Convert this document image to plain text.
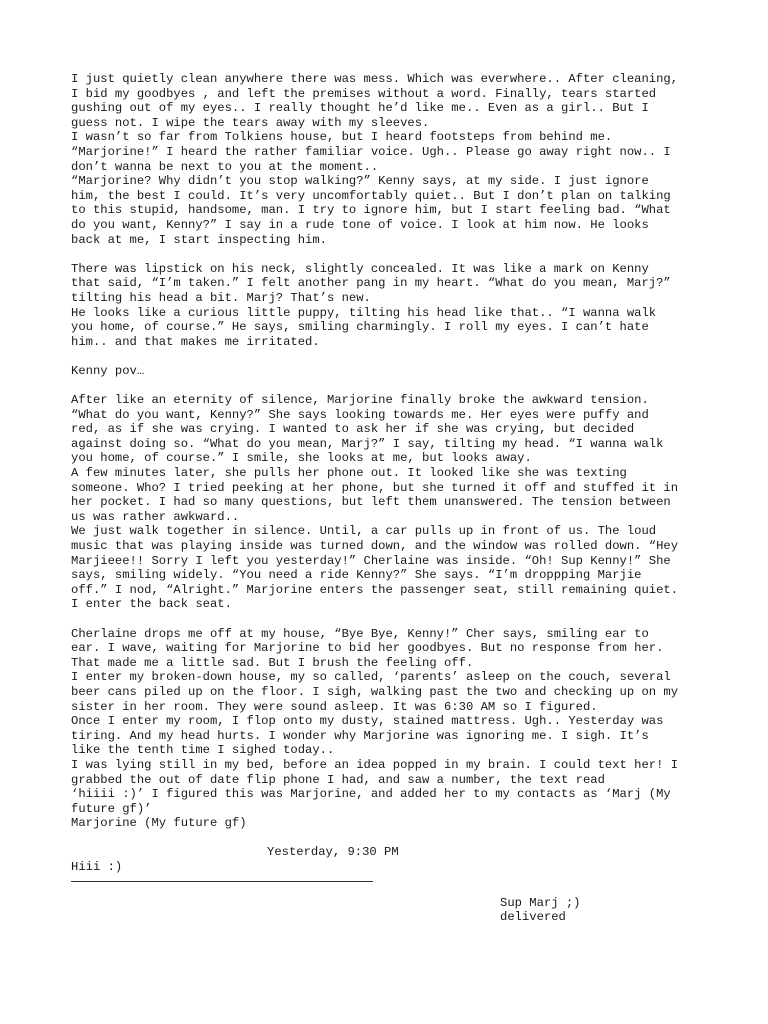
I just quietly clean anywhere there was mess. Which was everwhere.. After cleaning,
I bid my goodbyes , and left the premises without a word. Finally, tears started
gushing out of my eyes.. I really thought he’d like me.. Even as a girl.. But I
guess not. I wipe the tears away with my sleeves.
I wasn’t so far from Tolkiens house, but I heard footsteps from behind me.
“Marjorine!” I heard the rather familiar voice. Ugh.. Please go away right now.. I
don’t wanna be next to you at the moment..
“Marjorine? Why didn’t you stop walking?” Kenny says, at my side. I just ignore
him, the best I could. It’s very uncomfortably quiet.. But I don’t plan on talking
to this stupid, handsome, man. I try to ignore him, but I start feeling bad. “What
do you want, Kenny?” I say in a rude tone of voice. I look at him now. He looks
back at me, I start inspecting him.
There was lipstick on his neck, slightly concealed. It was like a mark on Kenny
that said, “I’m taken.” I felt another pang in my heart. “What do you mean, Marj?”
tilting his head a bit. Marj? That’s new.
He looks like a curious little puppy, tilting his head like that.. “I wanna walk
you home, of course.” He says, smiling charmingly. I roll my eyes. I can’t hate
him.. and that makes me irritated.
Kenny pov…
After like an eternity of silence, Marjorine finally broke the awkward tension.
“What do you want, Kenny?” She says looking towards me. Her eyes were puffy and
red, as if she was crying. I wanted to ask her if she was crying, but decided
against doing so. “What do you mean, Marj?” I say, tilting my head. “I wanna walk
you home, of course.” I smile, she looks at me, but looks away.
A few minutes later, she pulls her phone out. It looked like she was texting
someone. Who? I tried peeking at her phone, but she turned it off and stuffed it in
her pocket. I had so many questions, but left them unanswered. The tension between
us was rather awkward..
We just walk together in silence. Until, a car pulls up in front of us. The loud
music that was playing inside was turned down, and the window was rolled down. “Hey
Marjieee!! Sorry I left you yesterday!” Cherlaine was inside. “Oh! Sup Kenny!” She
says, smiling widely. “You need a ride Kenny?” She says. “I’m droppping Marjie
off.” I nod, “Alright.” Marjorine enters the passenger seat, still remaining quiet.
I enter the back seat.
Cherlaine drops me off at my house, “Bye Bye, Kenny!” Cher says, smiling ear to
ear. I wave, waiting for Marjorine to bid her goodbyes. But no response from her.
That made me a little sad. But I brush the feeling off.
I enter my broken-down house, my so called, ‘parents’ asleep on the couch, several
beer cans piled up on the floor. I sigh, walking past the two and checking up on my
sister in her room. They were sound asleep. It was 6:30 AM so I figured.
Once I enter my room, I flop onto my dusty, stained mattress. Ugh.. Yesterday was
tiring. And my head hurts. I wonder why Marjorine was ignoring me. I sigh. It’s
like the tenth time I sighed today..
I was lying still in my bed, before an idea popped in my brain. I could text her! I
grabbed the out of date flip phone I had, and saw a number, the text read
‘hiiii :)’ I figured this was Marjorine, and added her to my contacts as ‘Marj (My
future gf)’
Marjorine (My future gf)
Yesterday, 9:30 PM
Hiii :)
Sup Marj ;)
delivered
